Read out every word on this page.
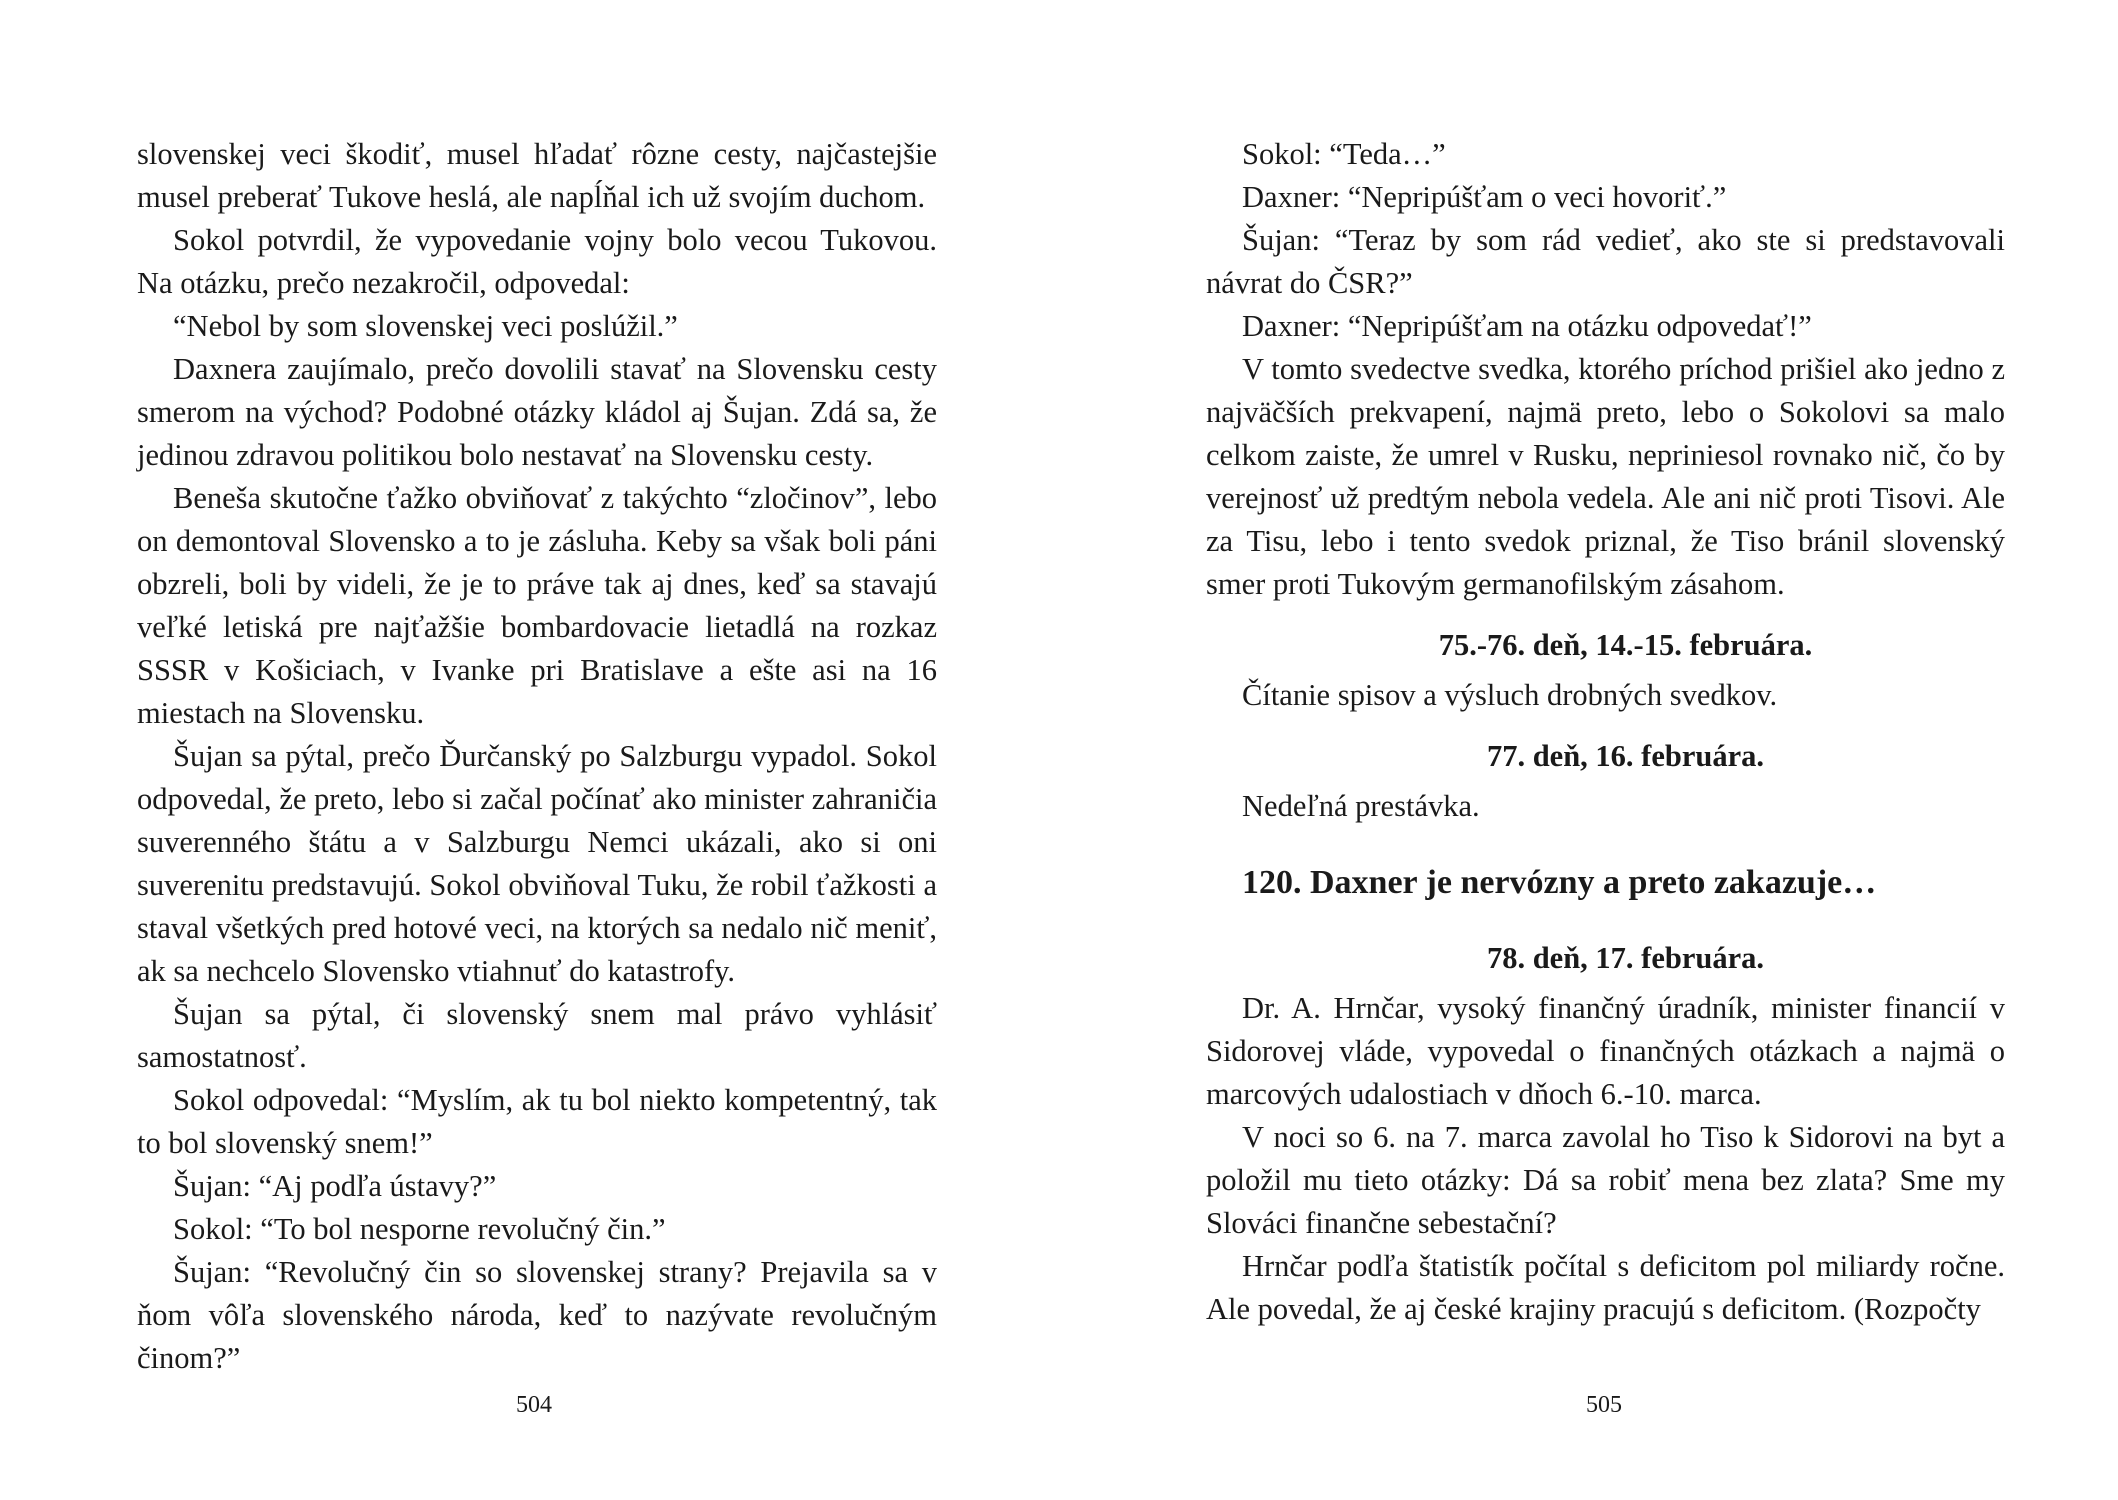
slovenskej veci škodiť, musel hľadať rôzne cesty, najčastejšie musel preberať Tukove heslá, ale napĺňal ich už svojím duchom.

Sokol potvrdil, že vypovedanie vojny bolo vecou Tukovou. Na otázku, prečo nezakročil, odpovedal:

“Nebol by som slovenskej veci poslúžil.”

Daxnera zaujímalo, prečo dovolili stavať na Slovensku cesty smerom na východ? Podobné otázky kládol aj Šujan. Zdá sa, že jedinou zdravou politikou bolo nestavať na Slovensku cesty.

Beneša skutočne ťažko obviňovať z takýchto “zločinov”, lebo on demontoval Slovensko a to je zásluha. Keby sa však boli páni obzreli, boli by videli, že je to práve tak aj dnes, keď sa stavajú veľké letiská pre najťažšie bombardovacie lietadlá na rozkaz SSSR v Košiciach, v Ivanke pri Bratislave a ešte asi na 16 miestach na Slovensku.

Šujan sa pýtal, prečo Ďurčanský po Salzburgu vypadol. Sokol odpovedal, že preto, lebo si začal počínať ako minister zahraničia suverenného štátu a v Salzburgu Nemci ukázali, ako si oni suverenitu predstavujú. Sokol obviňoval Tuku, že robil ťažkosti a staval všetkých pred hotové veci, na ktorých sa nedalo nič meniť, ak sa nechcelo Slovensko vtiahnuť do katastrofy.

Šujan sa pýtal, či slovenský snem mal právo vyhlásiť samostatnosť.

Sokol odpovedal: “Myslím, ak tu bol niekto kompetentný, tak to bol slovenský snem!”

Šujan: “Aj podľa ústavy?”

Sokol: “To bol nesporne revolučný čin.”

Šujan: “Revolučný čin so slovenskej strany? Prejavila sa v ňom vôľa slovenského národa, keď to nazývate revolučným činom?”

504

Sokol: “Teda…”

Daxner: “Nepripúšťam o veci hovoriť.”

Šujan: “Teraz by som rád vedieť, ako ste si predstavovali návrat do ČSR?”

Daxner: “Nepripúšťam na otázku odpovedať!”

V tomto svedectve svedka, ktorého príchod prišiel ako jedno z najväčších prekvapení, najmä preto, lebo o Sokolovi sa malo celkom zaiste, že umrel v Rusku, nepriniesol rovnako nič, čo by verejnosť už predtým nebola vedela. Ale ani nič proti Tisovi. Ale za Tisu, lebo i tento svedok priznal, že Tiso bránil slovenský smer proti Tukovým germanofilským zásahom.

75.-76. deň, 14.-15. februára.

Čítanie spisov a výsluch drobných svedkov.

77. deň, 16. februára.

Nedeľná prestávka.

120. Daxner je nervózny a preto zakazuje…
78. deň, 17. februára.

Dr. A. Hrnčar, vysoký finančný úradník, minister financií v Sidorovej vláde, vypovedal o finančných otázkach a najmä o marcových udalostiach v dňoch 6.-10. marca.

V noci so 6. na 7. marca zavolal ho Tiso k Sidorovi na byt a položil mu tieto otázky: Dá sa robiť mena bez zlata? Sme my Slováci finančne sebestační?

Hrnčar podľa štatistík počítal s deficitom pol miliardy ročne. Ale povedal, že aj české krajiny pracujú s deficitom. (Rozpočty

505
